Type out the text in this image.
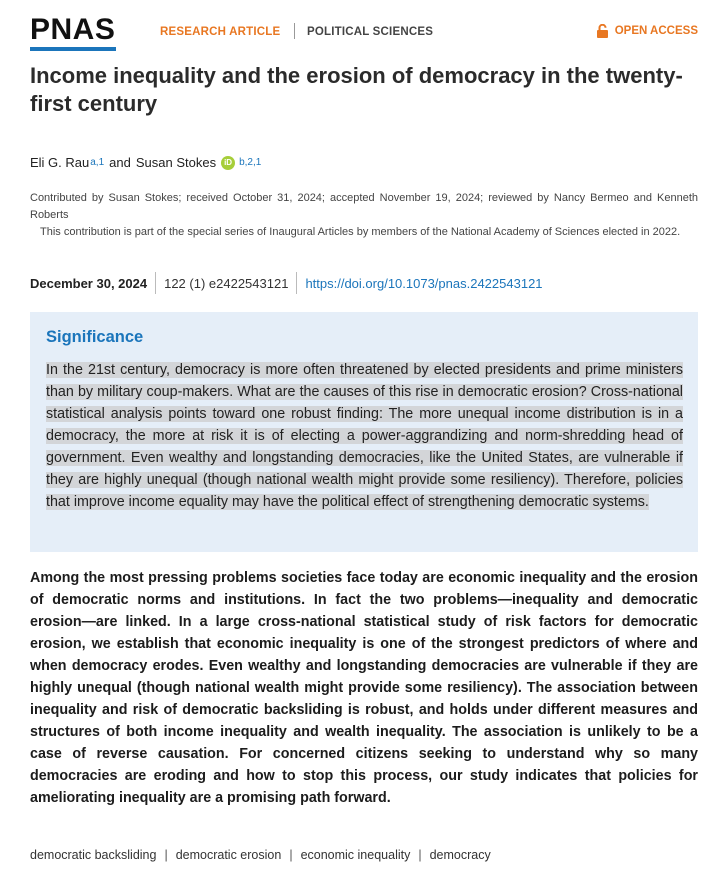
PNAS	RESEARCH ARTICLE POLITICAL SCIENCES	OPEN ACCESS
Income inequality and the erosion of democracy in the twenty-first century
Eli G. Rau a,1 and Susan Stokes	iD b,2,1

Contributed by Susan Stokes; received October 31, 2024; accepted November 19, 2024; reviewed by Nancy Bermeo and Kenneth Roberts

This contribution is part of the special series of Inaugural Articles by members of the National Academy of Sciences elected in 2022.

December 30, 2024 122 (1) e2422543121 https://doi.org/10.1073/pnas.2422543121
Significance

In the 21st century, democracy is more often threatened by elected presidents and prime ministers than by military coup-makers. What are the causes of this rise in democratic erosion? Cross-national statistical analysis points toward one robust finding: The more unequal income distribution is in a democracy, the more at risk it is of electing a power-aggrandizing and norm-shredding head of government. Even wealthy and longstanding democracies, like the United States, are vulnerable if they are highly unequal (though national wealth might provide some resiliency). Therefore, policies that improve income equality may have the political effect of strengthening democratic systems.

Among the most pressing problems societies face today are economic inequality and the erosion of democratic norms and institutions. In fact the two problems—inequality and democratic erosion—are linked. In a large cross-national statistical study of risk factors for democratic erosion, we establish that economic inequality is one of the strongest predictors of where and when democracy erodes. Even wealthy and longstanding democracies are vulnerable if they are highly unequal (though national wealth might provide some resiliency). The association between inequality and risk of democratic backsliding is robust, and holds under different measures and structures of both income inequality and wealth inequality. The association is unlikely to be a case of reverse causation. For concerned citizens seeking to understand why so many democracies are eroding and how to stop this process, our study indicates that policies for ameliorating inequality are a promising path forward.

democratic backsliding | democratic erosion | economic inequality | democracy
